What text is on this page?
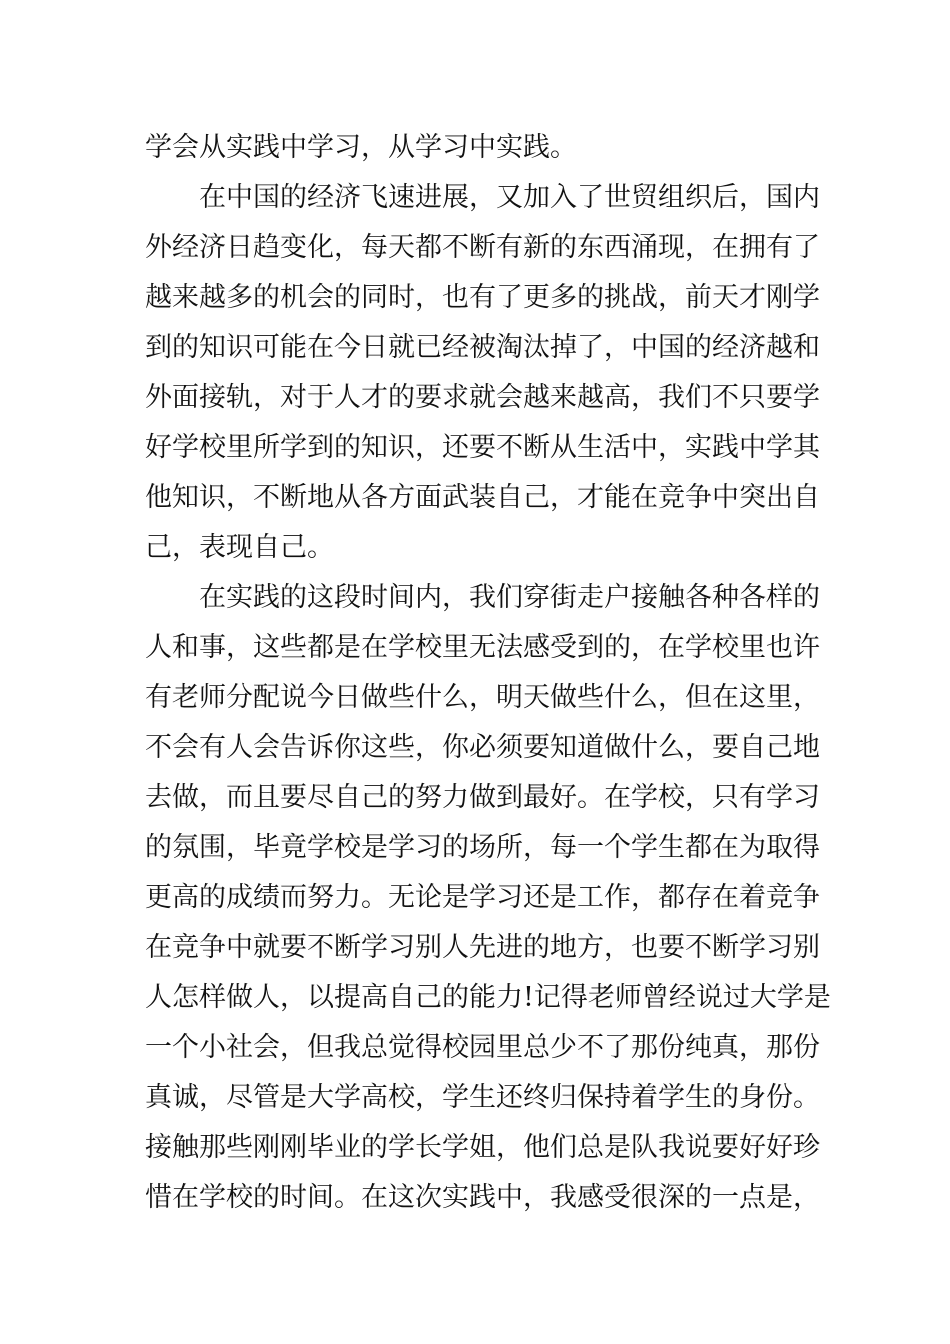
学会从实践中学习，从学习中实践。
在中国的经济飞速进展，又加入了世贸组织后，国内
外经济日趋变化，每天都不断有新的东西涌现，在拥有了
越来越多的机会的同时，也有了更多的挑战，前天才刚学
到的知识可能在今日就已经被淘汰掉了，中国的经济越和
外面接轨，对于人才的要求就会越来越高，我们不只要学
好学校里所学到的知识，还要不断从生活中，实践中学其
他知识，不断地从各方面武装自己，才能在竞争中突出自
己，表现自己。
在实践的这段时间内，我们穿街走户接触各种各样的
人和事，这些都是在学校里无法感受到的，在学校里也许
有老师分配说今日做些什么，明天做些什么，但在这里，
不会有人会告诉你这些，你必须要知道做什么，要自己地
去做，而且要尽自己的努力做到最好。在学校，只有学习
的氛围，毕竟学校是学习的场所，每一个学生都在为取得
更高的成绩而努力。无论是学习还是工作，都存在着竞争
在竞争中就要不断学习别人先进的地方，也要不断学习别
人怎样做人，以提高自己的能力!记得老师曾经说过大学是
一个小社会，但我总觉得校园里总少不了那份纯真，那份
真诚，尽管是大学高校，学生还终归保持着学生的身份。
接触那些刚刚毕业的学长学姐，他们总是队我说要好好珍
惜在学校的时间。在这次实践中，我感受很深的一点是，
